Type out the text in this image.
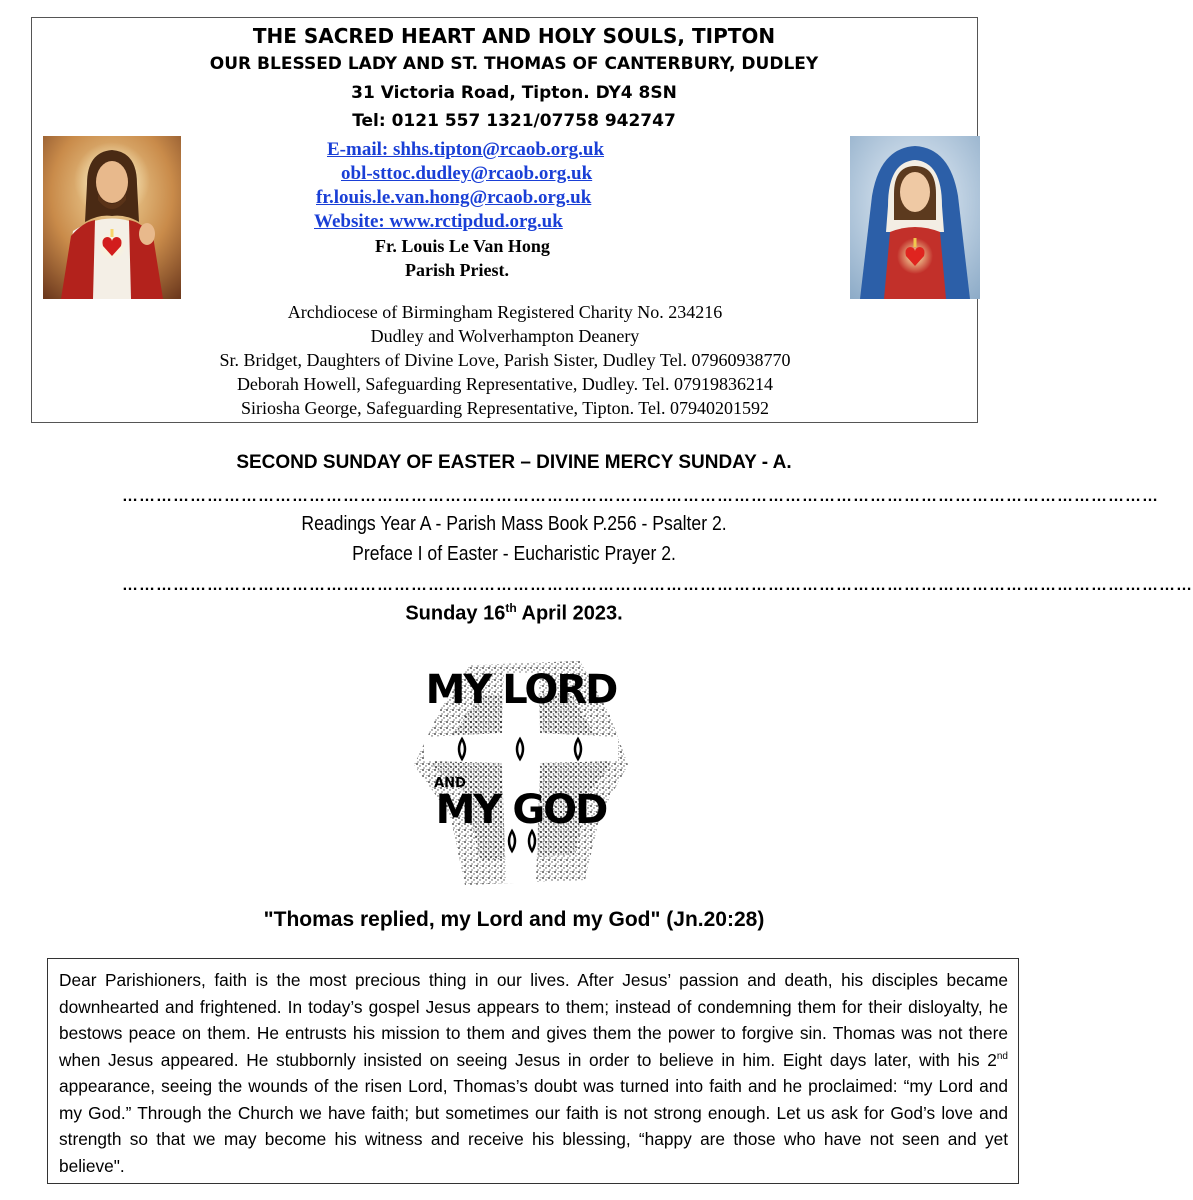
THE SACRED HEART AND HOLY SOULS, TIPTON
OUR BLESSED LADY AND ST. THOMAS OF CANTERBURY, DUDLEY
31 Victoria Road, Tipton. DY4 8SN
Tel: 0121 557 1321/07758 942747
E-mail: shhs.tipton@rcaob.org.uk
obl-sttoc.dudley@rcaob.org.uk
fr.louis.le.van.hong@rcaob.org.uk
Website: www.rctipdud.org.uk
Fr. Louis Le Van Hong
Parish Priest.
Archdiocese of Birmingham Registered Charity No. 234216
Dudley and Wolverhampton Deanery
Sr. Bridget, Daughters of Divine Love, Parish Sister, Dudley Tel. 07960938770
Deborah Howell, Safeguarding Representative, Dudley. Tel. 07919836214
Siriosha George, Safeguarding Representative, Tipton. Tel. 07940201592
SECOND SUNDAY OF EASTER – DIVINE MERCY SUNDAY - A.
…………………………………………………………………………………………………………………………………………………………………
Readings Year A - Parish Mass Book P.256 - Psalter 2.
Preface I of Easter - Eucharistic Prayer 2.
………………………………………………………………………………………………………………………………………………………………………
Sunday 16th April 2023.
MY LORD
AND
MY GOD
"Thomas replied, my Lord and my God" (Jn.20:28)

Dear Parishioners, faith is the most precious thing in our lives. After Jesus’ passion and death, his disciples became downhearted and frightened. In today’s gospel Jesus appears to them; instead of condemning them for their disloyalty, he bestows peace on them. He entrusts his mission to them and gives them the power to forgive sin. Thomas was not there when Jesus appeared. He stubbornly insisted on seeing Jesus in order to believe in him. Eight days later, with his 2nd appearance, seeing the wounds of the risen Lord, Thomas’s doubt was turned into faith and he proclaimed: “my Lord and my God.” Through the Church we have faith; but sometimes our faith is not strong enough. Let us ask for God’s love and strength so that we may become his witness and receive his blessing, “happy are those who have not seen and yet believe".
